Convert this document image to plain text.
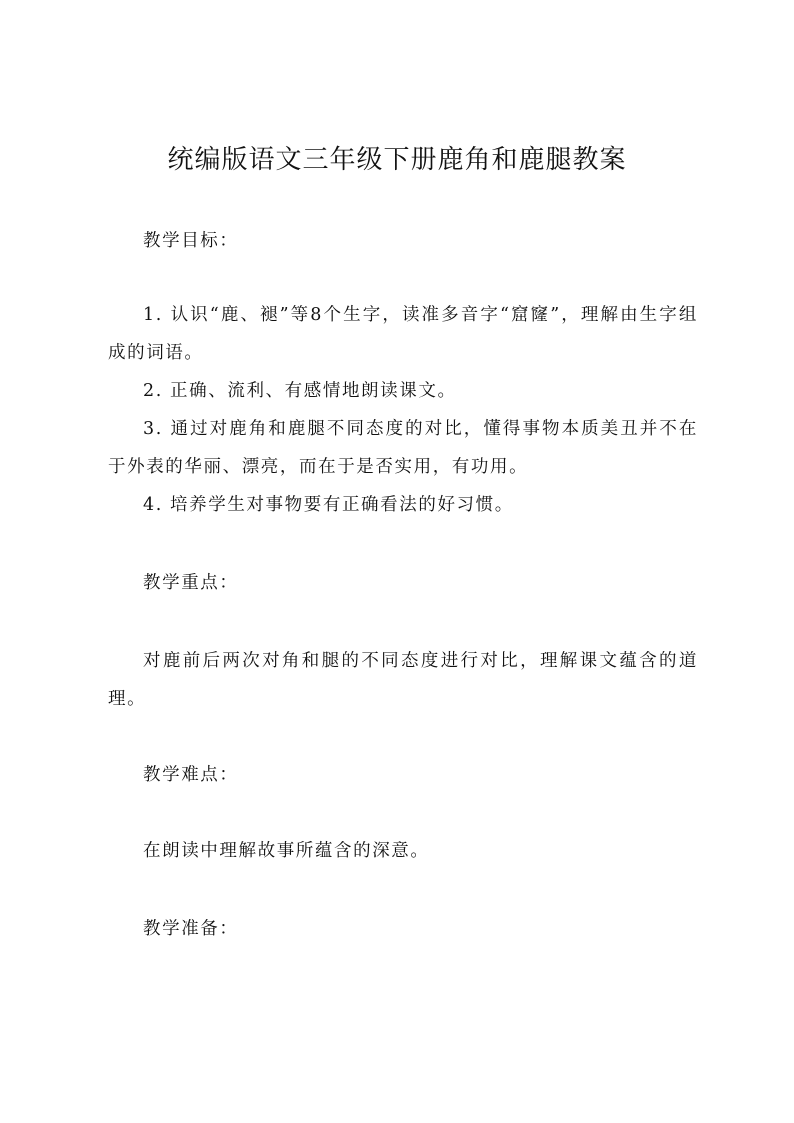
统编版语文三年级下册鹿角和鹿腿教案
教学目标：
1. 认识“鹿、褪”等8个生字，读准多音字“窟窿”，理解由生字组成的词语。
2. 正确、流利、有感情地朗读课文。
3. 通过对鹿角和鹿腿不同态度的对比，懂得事物本质美丑并不在于外表的华丽、漂亮，而在于是否实用，有功用。
4. 培养学生对事物要有正确看法的好习惯。
教学重点：
对鹿前后两次对角和腿的不同态度进行对比，理解课文蕴含的道理。
教学难点：
在朗读中理解故事所蕴含的深意。
教学准备：
